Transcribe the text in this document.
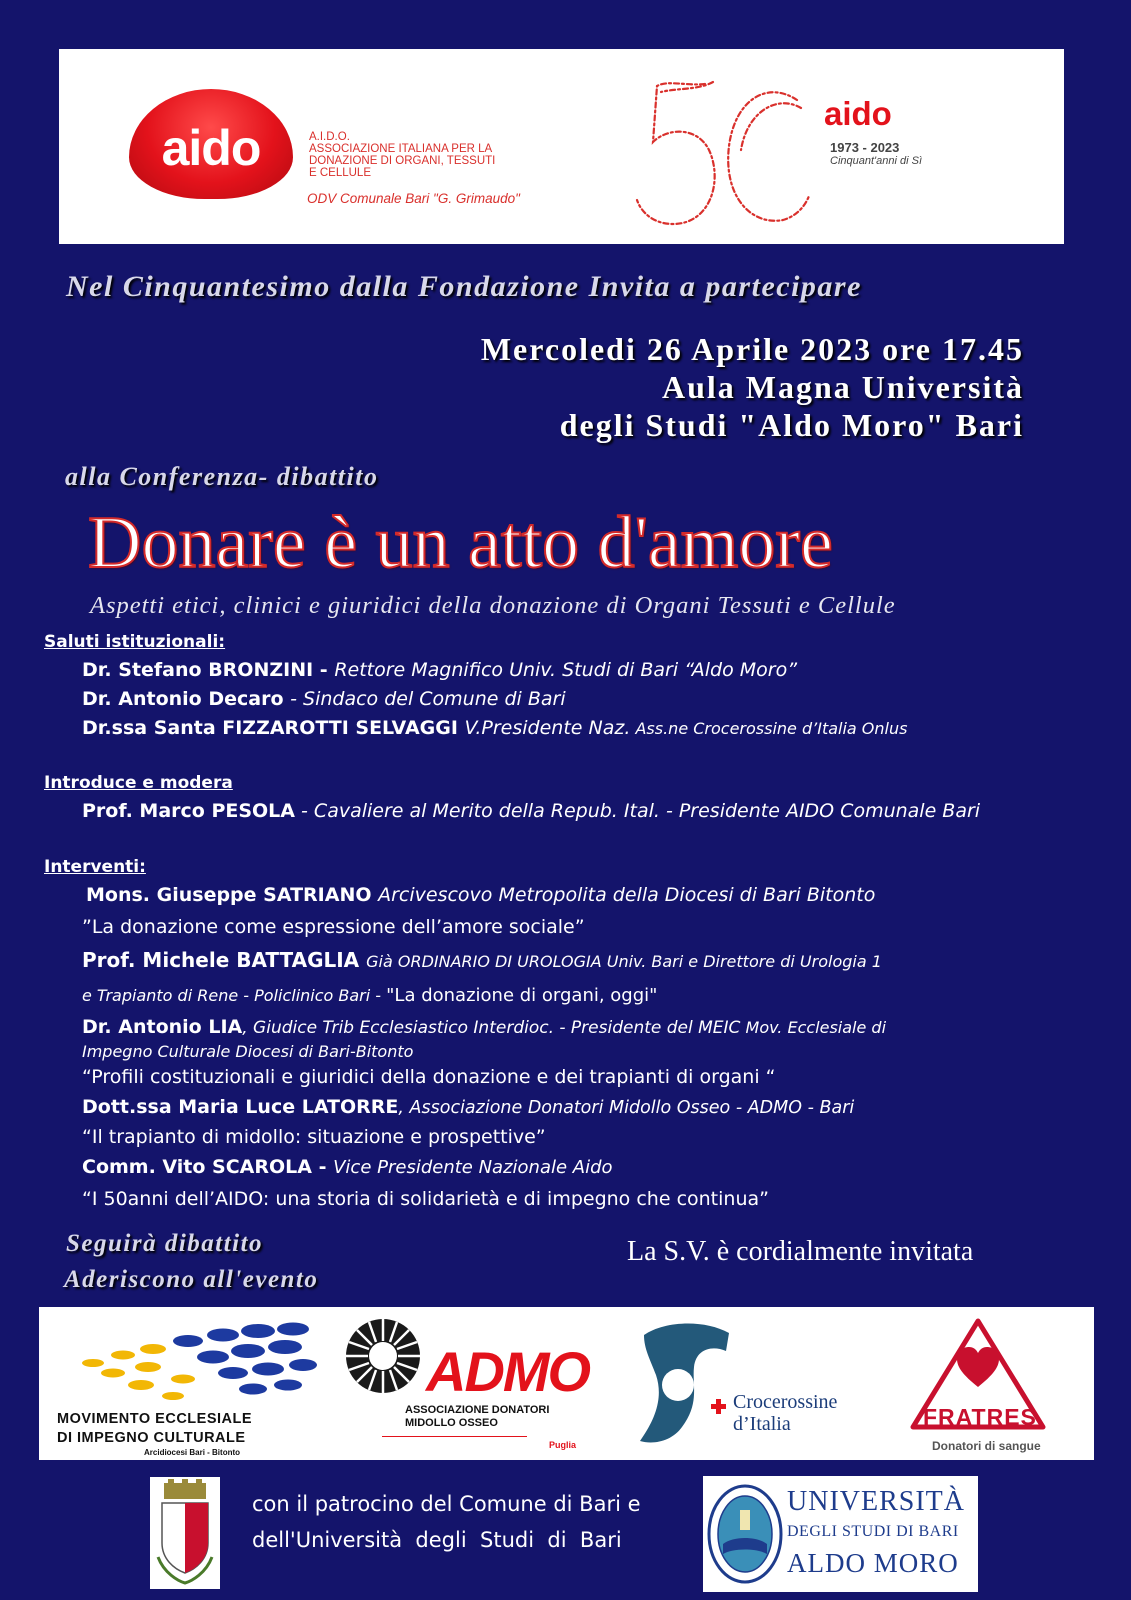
aido	A.I.D.O.
ASSOCIAZIONE ITALIANA PER LA
DONAZIONE DI ORGANI, TESSUTI
E CELLULE
ODV Comunale Bari "G. Grimaudo"
aido
1973 - 2023
Cinquant'anni di Sì
Nel Cinquantesimo dalla Fondazione Invita a partecipare
Mercoledi 26 Aprile 2023 ore 17.45
Aula Magna Università
degli Studi "Aldo Moro" Bari
alla Conferenza- dibattito
Donare è un atto d'amore
Aspetti etici, clinici e giuridici della donazione di Organi Tessuti e Cellule
Saluti istituzionali:
Dr. Stefano BRONZINI - Rettore Magnifico Univ. Studi di Bari “Aldo Moro”
Dr. Antonio Decaro - Sindaco del Comune di Bari
Dr.ssa Santa FIZZAROTTI SELVAGGI V.Presidente Naz. Ass.ne Crocerossine d’Italia Onlus
Introduce e modera
Prof. Marco PESOLA - Cavaliere al Merito della Repub. Ital. - Presidente AIDO Comunale Bari
Interventi:
Mons. Giuseppe SATRIANO Arcivescovo Metropolita della Diocesi di Bari Bitonto
”La donazione come espressione dell’amore sociale”
Prof. Michele BATTAGLIA Già ORDINARIO DI UROLOGIA Univ. Bari e Direttore di Urologia 1
e Trapianto di Rene - Policlinico Bari - "La donazione di organi, oggi"
Dr. Antonio LIA, Giudice Trib Ecclesiastico Interdioc. - Presidente del MEIC Mov. Ecclesiale di
Impegno Culturale Diocesi di Bari-Bitonto
“Profili costituzionali e giuridici della donazione e dei trapianti di organi “
Dott.ssa Maria Luce LATORRE, Associazione Donatori Midollo Osseo - ADMO - Bari
“Il trapianto di midollo: situazione e prospettive”
Comm. Vito SCAROLA - Vice Presidente Nazionale Aido
“I 50anni dell’AIDO: una storia di solidarietà e di impegno che continua”
Seguirà dibattito
Aderiscono all'evento
La S.V. è cordialmente invitata
MOVIMENTO ECCLESIALE
DI IMPEGNO CULTURALE
Arcidiocesi Bari - Bitonto
ADMO
ASSOCIAZIONE DONATORI
MIDOLLO OSSEO
Puglia
Crocerossine
d’Italia	FRATRES
Donatori di sangue
con il patrocino del Comune di Bari e
dell'Università  degli  Studi  di  Bari
UNIVERSITÀ
DEGLI STUDI DI BARI
ALDO MORO
